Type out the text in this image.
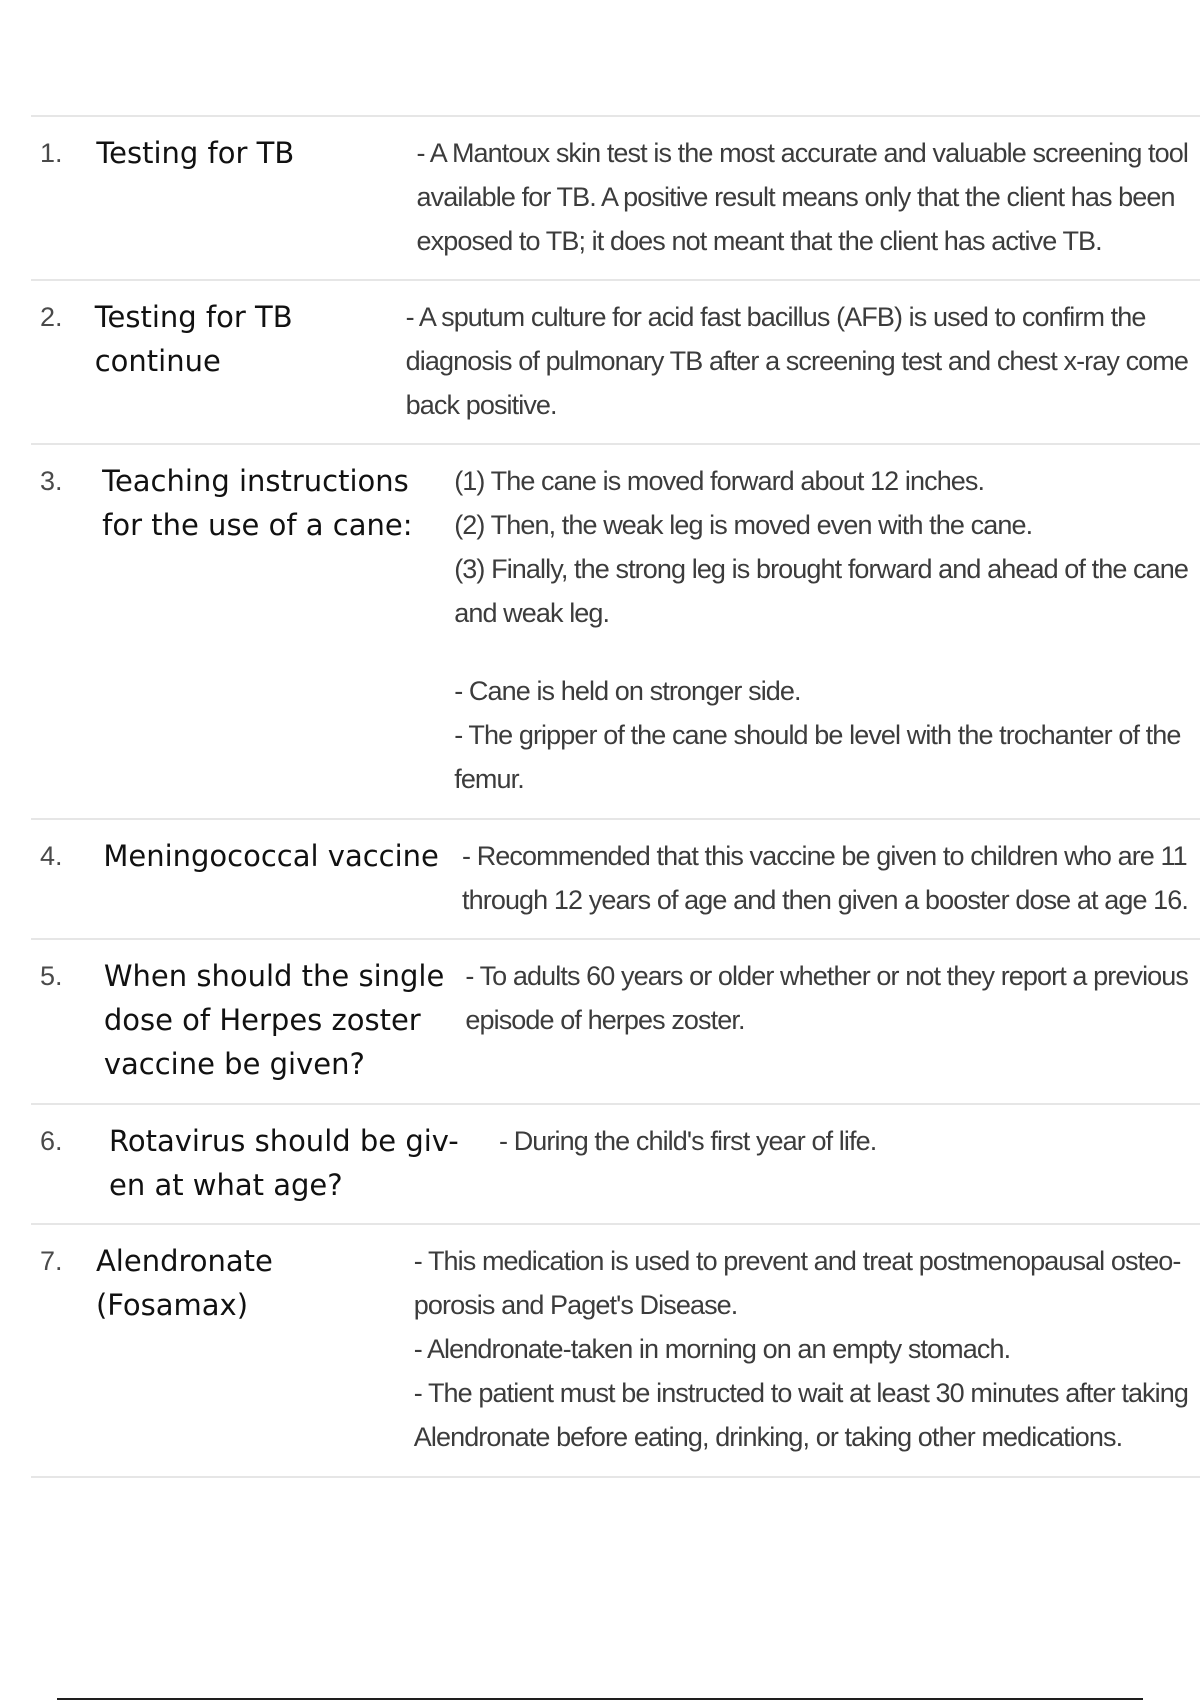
1.	Testing for TB	- A Mantoux skin test is the most accurate and valuable screening tool
available for TB. A positive result means only that the client has been
exposed to TB; it does not meant that the client has active TB.
2.	Testing for TB continue
- A sputum culture for acid fast bacillus (AFB) is used to confirm the
diagnosis of pulmonary TB after a screening test and chest x-ray come
back positive.
3.	Teaching instructions for the use of a cane:
(1) The cane is moved forward about 12 inches.
(2) Then, the weak leg is moved even with the cane.
(3) Finally, the strong leg is brought forward and ahead of the cane
and weak leg.
- Cane is held on stronger side.
- The gripper of the cane should be level with the trochanter of the
femur.
4.	Meningococcal vaccine - Recommended that this vaccine be given to children who are 11
through 12 years of age and then given a booster dose at age 16.
5.	When should the single dose of Herpes zoster vaccine be given?
- To adults 60 years or older whether or not they report a previous
episode of herpes zoster.
6.	Rotavirus should be giv-en at what age?
- During the child's first year of life.
7.	Alendronate (Fosamax)
- This medication is used to prevent and treat postmenopausal osteo-
porosis and Paget's Disease.
- Alendronate-taken in morning on an empty stomach.
- The patient must be instructed to wait at least 30 minutes after taking
Alendronate before eating, drinking, or taking other medications.
